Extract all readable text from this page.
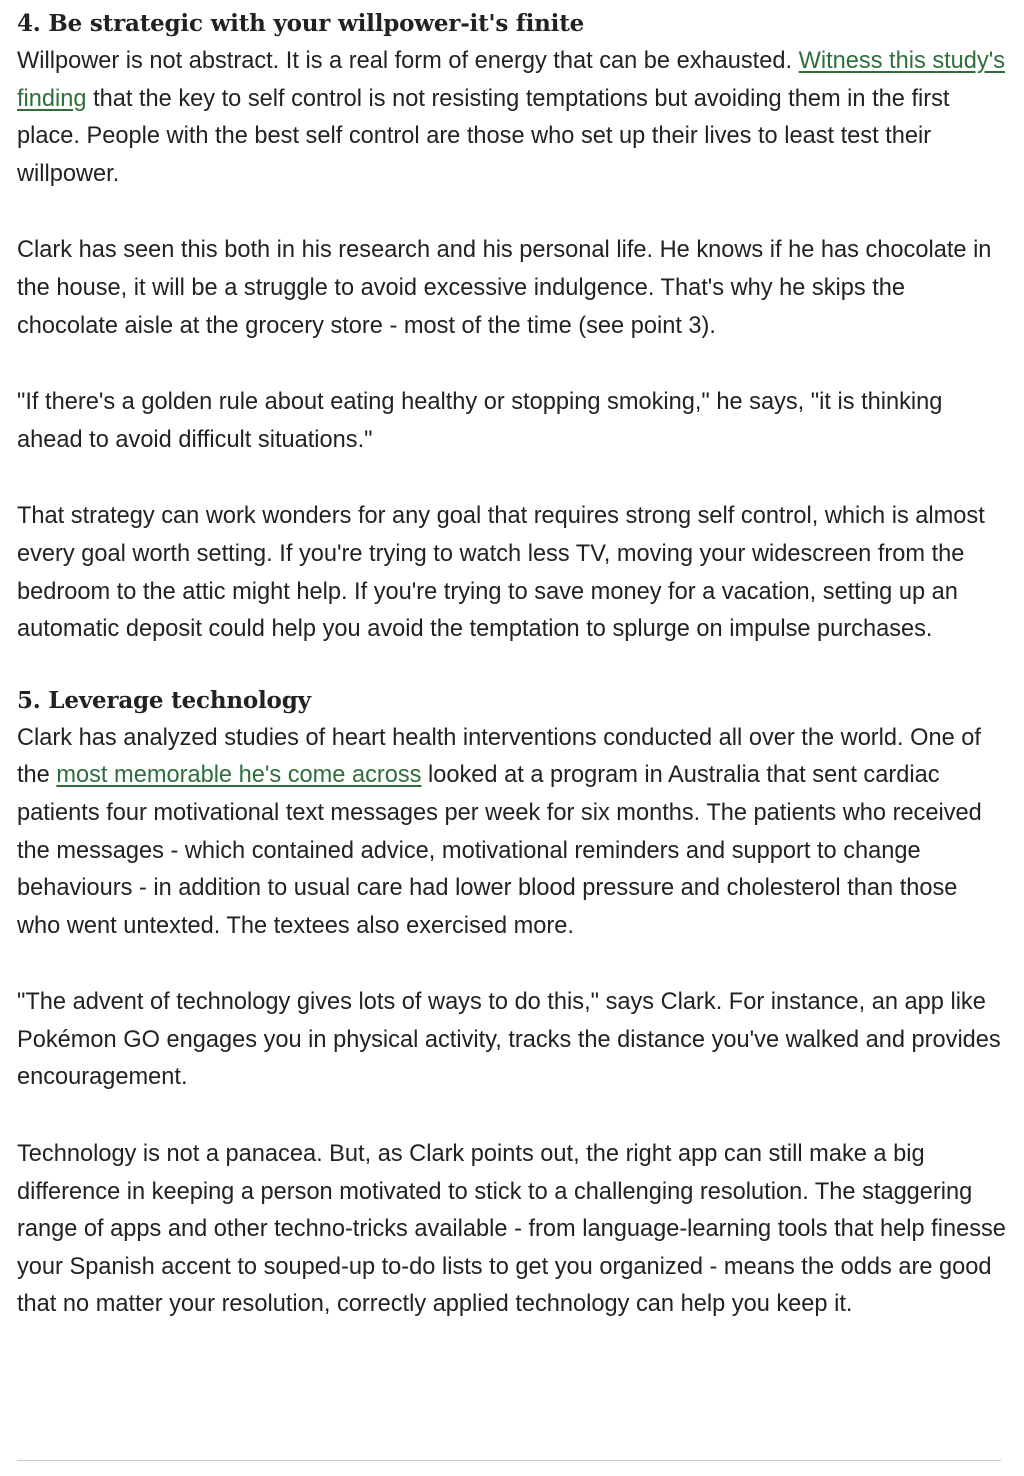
4. Be strategic with your willpower-it's finite

Willpower is not abstract. It is a real form of energy that can be exhausted. Witness this study's finding that the key to self control is not resisting temptations but avoiding them in the first place. People with the best self control are those who set up their lives to least test their willpower.

Clark has seen this both in his research and his personal life. He knows if he has chocolate in the house, it will be a struggle to avoid excessive indulgence. That's why he skips the chocolate aisle at the grocery store - most of the time (see point 3).

"If there's a golden rule about eating healthy or stopping smoking," he says, "it is thinking ahead to avoid difficult situations."

That strategy can work wonders for any goal that requires strong self control, which is almost every goal worth setting. If you're trying to watch less TV, moving your widescreen from the bedroom to the attic might help. If you're trying to save money for a vacation, setting up an automatic deposit could help you avoid the temptation to splurge on impulse purchases.

5. Leverage technology

Clark has analyzed studies of heart health interventions conducted all over the world. One of the most memorable he's come across looked at a program in Australia that sent cardiac patients four motivational text messages per week for six months. The patients who received the messages - which contained advice, motivational reminders and support to change behaviours - in addition to usual care had lower blood pressure and cholesterol than those who went untexted. The textees also exercised more.

"The advent of technology gives lots of ways to do this," says Clark. For instance, an app like Pokémon GO engages you in physical activity, tracks the distance you've walked and provides encouragement.

Technology is not a panacea. But, as Clark points out, the right app can still make a big difference in keeping a person motivated to stick to a challenging resolution. The staggering range of apps and other techno-tricks available - from language-learning tools that help finesse your Spanish accent to souped-up to-do lists to get you organized - means the odds are good that no matter your resolution, correctly applied technology can help you keep it.
